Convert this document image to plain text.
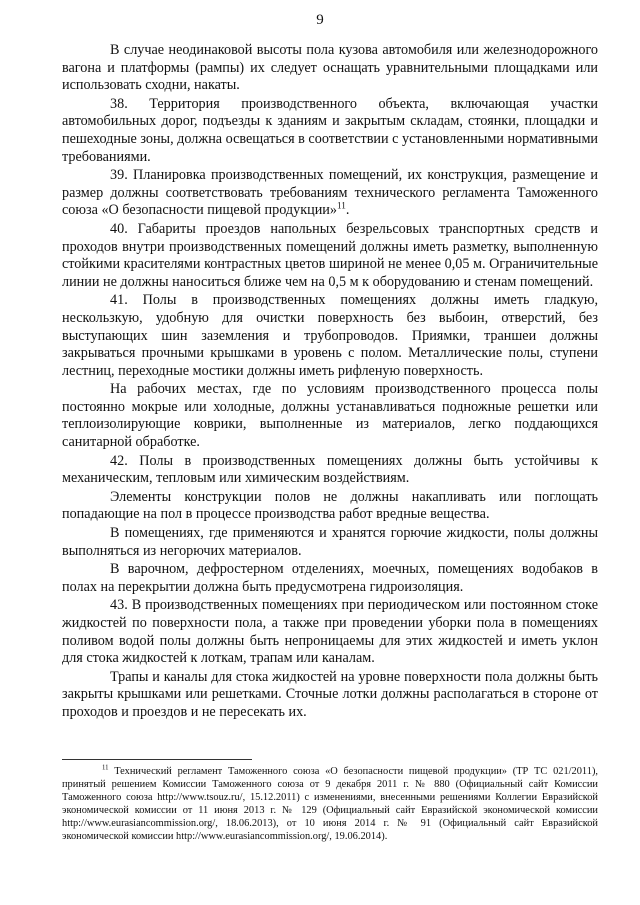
9

В случае неодинаковой высоты пола кузова автомобиля или железнодорожного вагона и платформы (рампы) их следует оснащать уравнительными площадками или использовать сходни, накаты.

38. Территория производственного объекта, включающая участки автомобильных дорог, подъезды к зданиям и закрытым складам, стоянки, площадки и пешеходные зоны, должна освещаться в соответствии с установленными нормативными требованиями.

39. Планировка производственных помещений, их конструкция, размещение и размер должны соответствовать требованиям технического регламента Таможенного союза «О безопасности пищевой продукции»$^{11}$.

40. Габариты проездов напольных безрельсовых транспортных средств и проходов внутри производственных помещений должны иметь разметку, выполненную стойкими красителями контрастных цветов шириной не менее 0,05 м. Ограничительные линии не должны наноситься ближе чем на 0,5 м к оборудованию и стенам помещений.

41. Полы в производственных помещениях должны иметь гладкую, нескользкую, удобную для очистки поверхность без выбоин, отверстий, без выступающих шин заземления и трубопроводов. Приямки, траншеи должны закрываться прочными крышками в уровень с полом. Металлические полы, ступени лестниц, переходные мостики должны иметь рифленую поверхность.

На рабочих местах, где по условиям производственного процесса полы постоянно мокрые или холодные, должны устанавливаться подножные решетки или теплоизолирующие коврики, выполненные из материалов, легко поддающихся санитарной обработке.

42. Полы в производственных помещениях должны быть устойчивы к механическим, тепловым или химическим воздействиям.

Элементы конструкции полов не должны накапливать или поглощать попадающие на пол в процессе производства работ вредные вещества.

В помещениях, где применяются и хранятся горючие жидкости, полы должны выполняться из негорючих материалов.

В варочном, дефростерном отделениях, моечных, помещениях водобаков в полах на перекрытии должна быть предусмотрена гидроизоляция.

43. В производственных помещениях при периодическом или постоянном стоке жидкостей по поверхности пола, а также при проведении уборки пола в помещениях поливом водой полы должны быть непроницаемы для этих жидкостей и иметь уклон для стока жидкостей к лоткам, трапам или каналам.

Трапы и каналы для стока жидкостей на уровне поверхности пола должны быть закрыты крышками или решетками. Сточные лотки должны располагаться в стороне от проходов и проездов и не пересекать их.

$^{11}$ Технический регламент Таможенного союза «О безопасности пищевой продукции» (ТР ТС 021/2011), принятый решением Комиссии Таможенного союза от 9 декабря 2011 г. № 880 (Официальный сайт Комиссии Таможенного союза http://www.tsouz.ru/, 15.12.2011) с изменениями, внесенными решениями Коллегии Евразийской экономической комиссии от 11 июня 2013 г. № 129 (Официальный сайт Евразийской экономической комиссии http://www.eurasiancommission.org/, 18.06.2013), от 10 июня 2014 г. № 91 (Официальный сайт Евразийской экономической комиссии http://www.eurasiancommission.org/, 19.06.2014).
